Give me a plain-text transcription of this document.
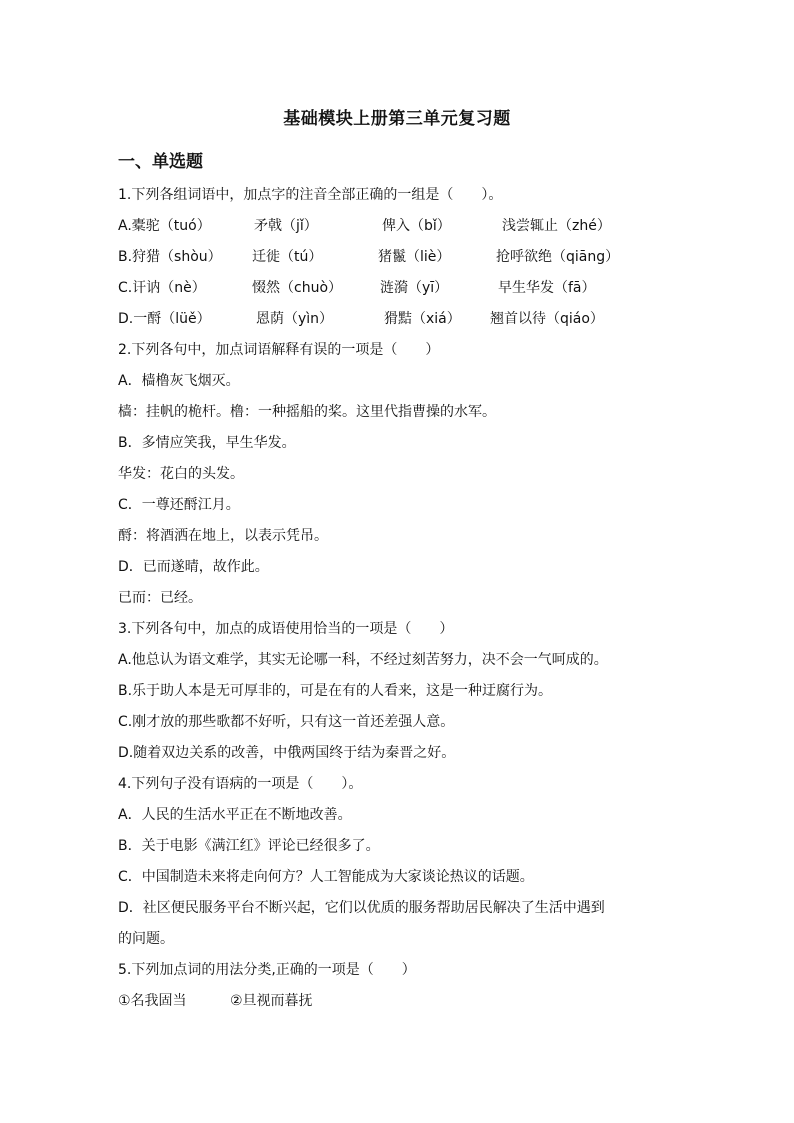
基础模块上册第三单元复习题
一、单选题
1.下列各组词语中，加点字的注音全部正确的一组是（　　）。
A.橐驼（tuó）	矛戟（jǐ）	俾入（bǐ）	浅尝辄止（zhé）
B.狩猎（shòu）	迁徙（tú）	猪鬣（liè）	抢呼欲绝（qiāng）
C.讦讷（nè）	惙然（chuò）	涟漪（yī）	早生华发（fā）
D.一酹（lüě）	恩荫（yìn）	猾黠（xiá）	翘首以待（qiáo）
2.下列各句中，加点词语解释有误的一项是（　　）
A．樯橹灰飞烟灭。
樯：挂帆的桅杆。橹：一种摇船的桨。这里代指曹操的水军。
B．多情应笑我，早生华发。
华发：花白的头发。
C．一尊还酹江月。
酹：将酒洒在地上，以表示凭吊。
D．已而遂晴，故作此。
已而：已经。
3.下列各句中，加点的成语使用恰当的一项是（　　）
A.他总认为语文难学，其实无论哪一科，不经过刻苦努力，决不会一气呵成的。
B.乐于助人本是无可厚非的，可是在有的人看来，这是一种迂腐行为。
C.刚才放的那些歌都不好听，只有这一首还差强人意。
D.随着双边关系的改善，中俄两国终于结为秦晋之好。
4.下列句子没有语病的一项是（　　）。
A．人民的生活水平正在不断地改善。
B．关于电影《满江红》评论已经很多了。
C．中国制造未来将走向何方？人工智能成为大家谈论热议的话题。
D．社区便民服务平台不断兴起，它们以优质的服务帮助居民解决了生活中遇到
的问题。
5.下列加点词的用法分类,正确的一项是（　　）
①名我固当	②旦视而暮抚
